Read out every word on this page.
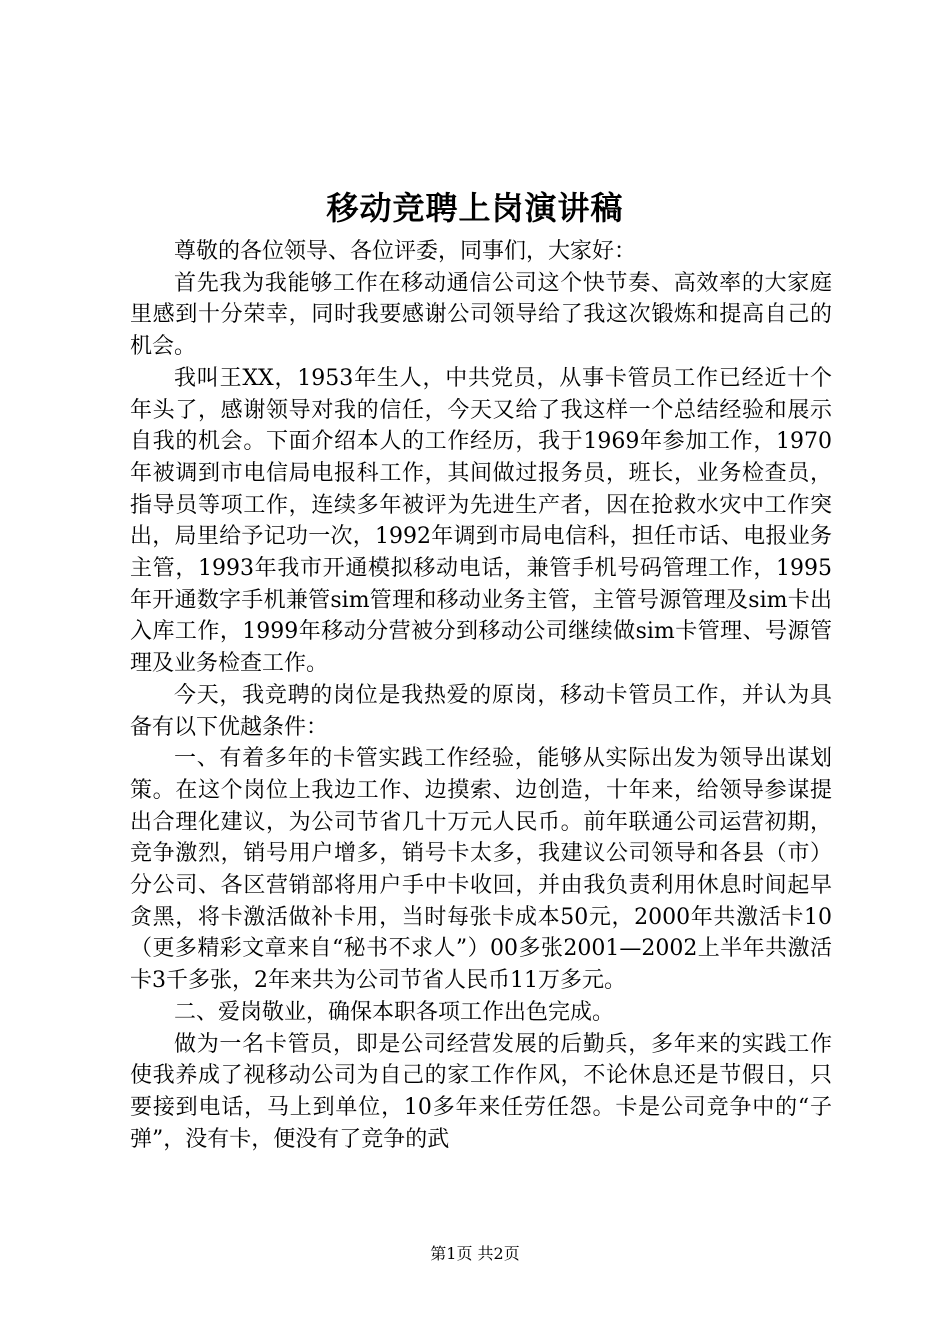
移动竞聘上岗演讲稿

尊敬的各位领导、各位评委，同事们，大家好：

首先我为我能够工作在移动通信公司这个快节奏、高效率的大家庭里感到十分荣幸，同时我要感谢公司领导给了我这次锻炼和提高自己的机会。

我叫王XX，1953年生人，中共党员，从事卡管员工作已经近十个年头了，感谢领导对我的信任，今天又给了我这样一个总结经验和展示自我的机会。下面介绍本人的工作经历，我于1969年参加工作，1970年被调到市电信局电报科工作，其间做过报务员，班长，业务检查员，指导员等项工作，连续多年被评为先进生产者，因在抢救水灾中工作突出，局里给予记功一次，1992年调到市局电信科，担任市话、电报业务主管，1993年我市开通模拟移动电话，兼管手机号码管理工作，1995年开通数字手机兼管sim管理和移动业务主管，主管号源管理及sim卡出入库工作，1999年移动分营被分到移动公司继续做sim卡管理、号源管理及业务检查工作。

今天，我竞聘的岗位是我热爱的原岗，移动卡管员工作，并认为具备有以下优越条件：

一、有着多年的卡管实践工作经验，能够从实际出发为领导出谋划策。在这个岗位上我边工作、边摸索、边创造，十年来，给领导参谋提出合理化建议，为公司节省几十万元人民币。前年联通公司运营初期，竞争激烈，销号用户增多，销号卡太多，我建议公司领导和各县（市）分公司、各区营销部将用户手中卡收回，并由我负责利用休息时间起早贪黑，将卡激活做补卡用，当时每张卡成本50元，2000年共激活卡10（更多精彩文章来自“秘书不求人”）00多张2001—2002上半年共激活卡3千多张，2年来共为公司节省人民币11万多元。

二、爱岗敬业，确保本职各项工作出色完成。

做为一名卡管员，即是公司经营发展的后勤兵，多年来的实践工作使我养成了视移动公司为自己的家工作作风，不论休息还是节假日，只要接到电话，马上到单位，10多年来任劳任怨。卡是公司竞争中的“子弹”，没有卡，便没有了竞争的武

第1页 共2页
